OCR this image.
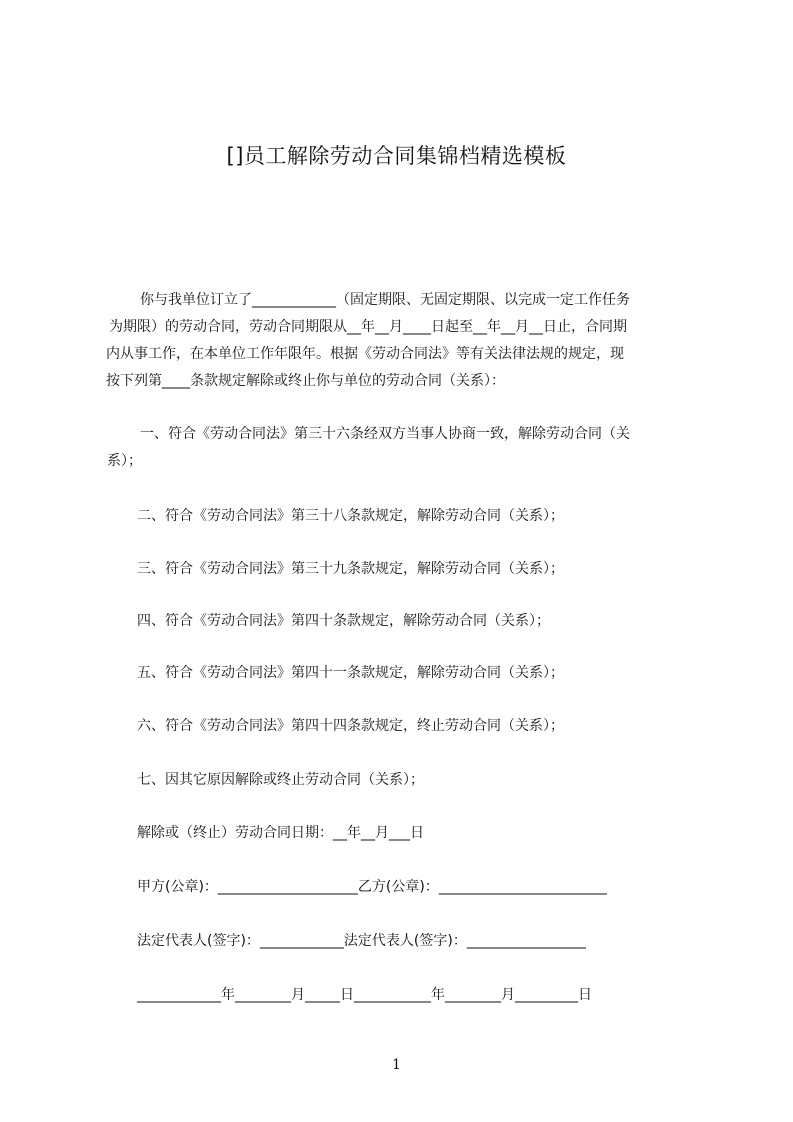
[]员工解除劳动合同集锦档精选模板

你与我单位订立了____________（固定期限、无固定期限、以完成一定工作任务

为期限）的劳动合同，劳动合同期限从__年__月____日起至__年__月__日止，合同期

内从事工作，在本单位工作年限年。根据《劳动合同法》等有关法律法规的规定，现

按下列第____条款规定解除或终止你与单位的劳动合同（关系）：

一、符合《劳动合同法》第三十六条经双方当事人协商一致，解除劳动合同（关

系）；

二、符合《劳动合同法》第三十八条款规定，解除劳动合同（关系）；

三、符合《劳动合同法》第三十九条款规定，解除劳动合同（关系）；

四、符合《劳动合同法》第四十条款规定，解除劳动合同（关系）；

五、符合《劳动合同法》第四十一条款规定，解除劳动合同（关系）；

六、符合《劳动合同法》第四十四条款规定，终止劳动合同（关系）；

七、因其它原因解除或终止劳动合同（关系）；

解除或（终止）劳动合同日期：__年__月___日

甲方(公章)：____________________乙方(公章)：________________________

法定代表人(签字)：____________法定代表人(签字)：_________________

____________年________月_____日___________年________月_________日

1
